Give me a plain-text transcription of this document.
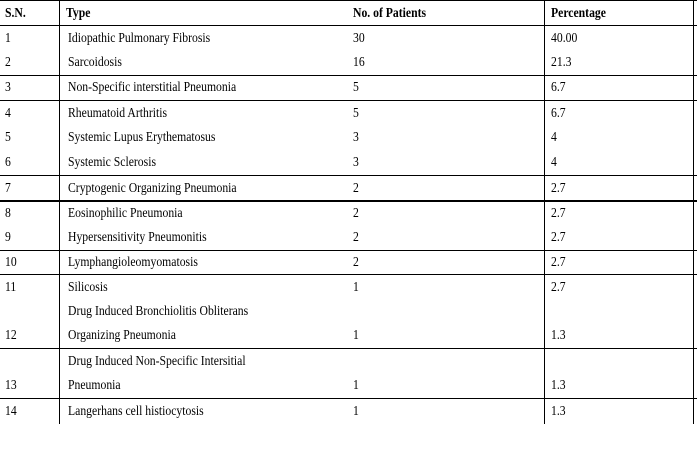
S.N.	Type	No. of Patients	Percentage
1	Idiopathic Pulmonary Fibrosis	30	40.00
2	Sarcoidosis	16	21.3
3	Non-Specific interstitial Pneumonia	5	6.7
4	Rheumatoid Arthritis	5	6.7
5	Systemic Lupus Erythematosus	3	4
6	Systemic Sclerosis	3	4
7	Cryptogenic Organizing Pneumonia	2	2.7
8	Eosinophilic Pneumonia	2	2.7
9	Hypersensitivity Pneumonitis	2	2.7
10	Lymphangioleomyomatosis	2	2.7
11	Silicosis	1	2.7
Drug Induced Bronchiolitis Obliterans
12	Organizing Pneumonia	1	1.3
Drug Induced Non-Specific Intersitial
13	Pneumonia	1	1.3
14	Langerhans cell histiocytosis	1	1.3
